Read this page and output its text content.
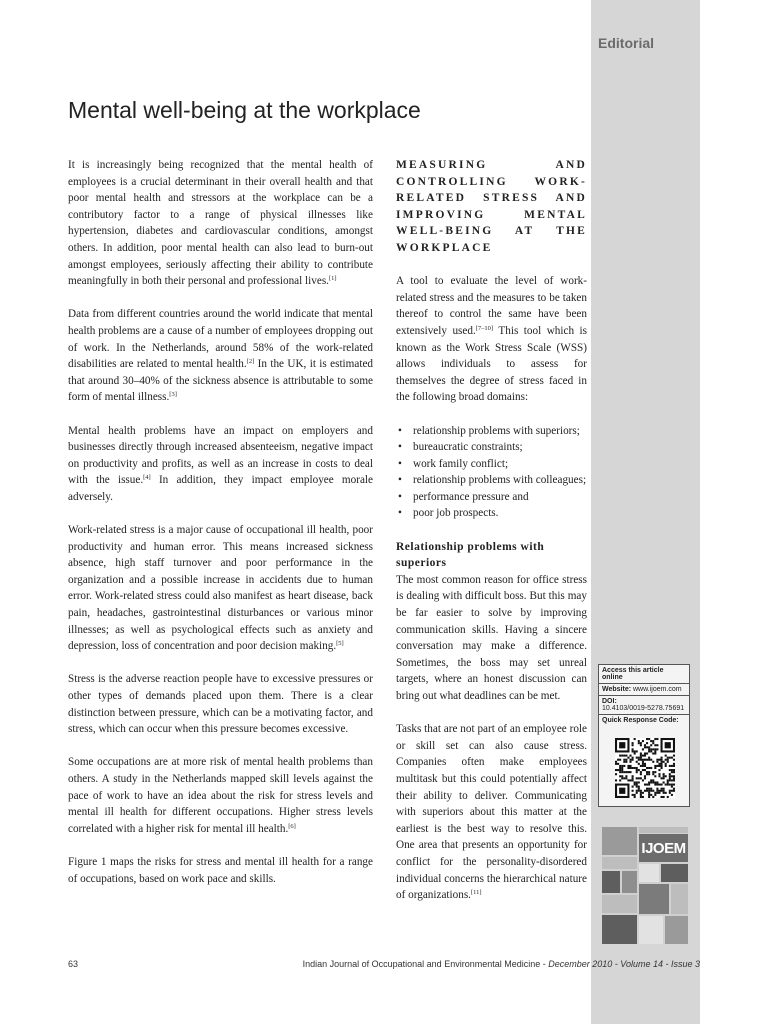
Editorial
Mental well-being at the workplace

It is increasingly being recognized that the mental health of employees is a crucial determinant in their overall health and that poor mental health and stressors at the workplace can be a contributory factor to a range of physical illnesses like hypertension, diabetes and cardiovascular conditions, amongst others. In addition, poor mental health can also lead to burn-out amongst employees, seriously affecting their ability to contribute meaningfully in both their personal and professional lives.[1]

Data from different countries around the world indicate that mental health problems are a cause of a number of employees dropping out of work. In the Netherlands, around 58% of the work-related disabilities are related to mental health.[2] In the UK, it is estimated that around 30–40% of the sickness absence is attributable to some form of mental illness.[3]

Mental health problems have an impact on employers and businesses directly through increased absenteeism, negative impact on productivity and profits, as well as an increase in costs to deal with the issue.[4] In addition, they impact employee morale adversely.

Work-related stress is a major cause of occupational ill health, poor productivity and human error. This means increased sickness absence, high staff turnover and poor performance in the organization and a possible increase in accidents due to human error. Work-related stress could also manifest as heart disease, back pain, headaches, gastrointestinal disturbances or various minor illnesses; as well as psychological effects such as anxiety and depression, loss of concentration and poor decision making.[5]

Stress is the adverse reaction people have to excessive pressures or other types of demands placed upon them. There is a clear distinction between pressure, which can be a motivating factor, and stress, which can occur when this pressure becomes excessive.

Some occupations are at more risk of mental health problems than others. A study in the Netherlands mapped skill levels against the pace of work to have an idea about the risk for stress levels and mental ill health for different occupations. Higher stress levels correlated with a higher risk for mental ill health.[6]

Figure 1 maps the risks for stress and mental ill health for a range of occupations, based on work pace and skills.

MEASURING AND CONTROLLING WORK-RELATED STRESS AND IMPROVING MENTAL WELL-BEING AT THE WORKPLACE

A tool to evaluate the level of work-related stress and the measures to be taken thereof to control the same have been extensively used.[7–10] This tool which is known as the Work Stress Scale (WSS) allows individuals to assess for themselves the degree of stress faced in the following broad domains:

• relationship problems with superiors;
• bureaucratic constraints;
• work family conflict;
• relationship problems with colleagues;
• performance pressure and
• poor job prospects.
Relationship problems with superiors

The most common reason for office stress is dealing with difficult boss. But this may be far easier to solve by improving communication skills. Having a sincere conversation may make a difference. Sometimes, the boss may set unreal targets, where an honest discussion can bring out what deadlines can be met.

Tasks that are not part of an employee role or skill set can also cause stress. Companies often make employees multitask but this could potentially affect their ability to deliver. Communicating with superiors about this matter at the earliest is the best way to resolve this. One area that presents an opportunity for conflict for the personality-disordered individual concerns the hierarchical nature of organizations.[11]

Access this article online
Website: www.ijoem.com
DOI:
10.4103/0019-5278.75691
Quick Response Code:
IJOEM
63	Indian Journal of Occupational and Environmental Medicine - December 2010 - Volume 14 - Issue 3
